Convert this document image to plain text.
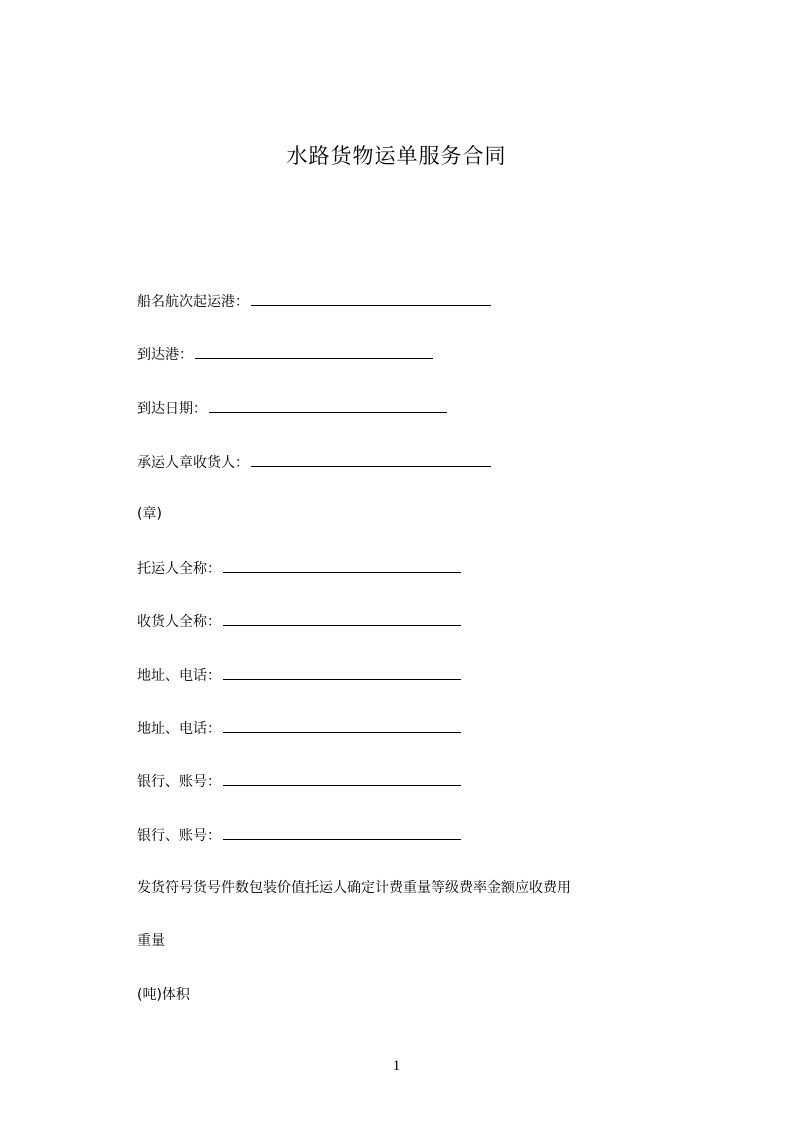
水路货物运单服务合同
船名航次起运港：
到达港：
到达日期：
承运人章收货人：
(章)
托运人全称：
收货人全称：
地址、电话：
地址、电话：
银行、账号：
银行、账号：
发货符号货号件数包装价值托运人确定计费重量等级费率金额应收费用
重量
(吨)体积
1
